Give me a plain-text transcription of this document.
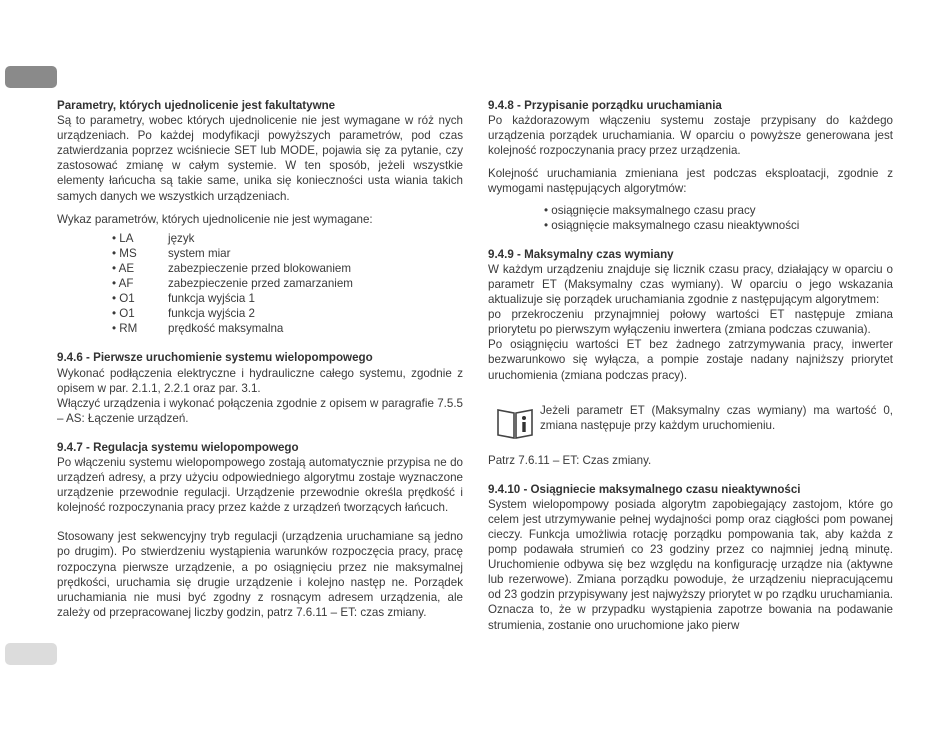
Parametry, których ujednolicenie jest fakultatywne

Są to parametry, wobec których ujednolicenie nie jest wymagane w róż nych urządzeniach. Po każdej modyfikacji powyższych parametrów, pod czas zatwierdzania poprzez wciśniecie SET lub MODE, pojawia się za pytanie, czy zastosować zmianę w całym systemie. W ten sposób, jeżeli wszystkie elementy łańcucha są takie same, unika się konieczności usta wiania takich samych danych we wszystkich urządzeniach.

Wykaz parametrów, których ujednolicenie nie jest wymagane:

• LA	język
• MS	system miar
• AE	zabezpieczenie przed blokowaniem
• AF	zabezpieczenie przed zamarzaniem
• O1	funkcja wyjścia 1
• O1	funkcja wyjścia 2
• RM	prędkość maksymalna
9.4.6 - Pierwsze uruchomienie systemu wielopompowego

Wykonać podłączenia elektryczne i hydrauliczne całego systemu, zgodnie z opisem w par. 2.1.1, 2.2.1 oraz par. 3.1.

Włączyć urządzenia i wykonać połączenia zgodnie z opisem w paragrafie 7.5.5 – AS: Łączenie urządzeń.

9.4.7 - Regulacja systemu wielopompowego

Po włączeniu systemu wielopompowego zostają automatycznie przypisa ne do urządzeń adresy, a przy użyciu odpowiedniego algorytmu zostaje wyznaczone urządzenie przewodnie regulacji. Urządzenie przewodnie określa prędkość i kolejność rozpoczynania pracy przez każde z urządzeń tworzących łańcuch.

Stosowany jest sekwencyjny tryb regulacji (urządzenia uruchamiane są jedno po drugim). Po stwierdzeniu wystąpienia warunków rozpoczęcia pracy, pracę rozpoczyna pierwsze urządzenie, a po osiągnięciu przez nie maksymalnej prędkości, uruchamia się drugie urządzenie i kolejno następ ne. Porządek uruchamiania nie musi być zgodny z rosnącym adresem urządzenia, ale zależy od przepracowanej liczby godzin, patrz 7.6.11 – ET: czas zmiany.

9.4.8 - Przypisanie porządku uruchamiania

Po każdorazowym włączeniu systemu zostaje przypisany do każdego urządzenia porządek uruchamiania. W oparciu o powyższe generowana jest kolejność rozpoczynania pracy przez urządzenia.

Kolejność uruchamiania zmieniana jest podczas eksploatacji, zgodnie z wymogami następujących algorytmów:

• osiągnięcie maksymalnego czasu pracy
• osiągnięcie maksymalnego czasu nieaktywności
9.4.9 - Maksymalny czas wymiany

W każdym urządzeniu znajduje się licznik czasu pracy, działający w oparciu o parametr ET (Maksymalny czas wymiany). W oparciu o jego wskazania aktualizuje się porządek uruchamiania zgodnie z następującym algorytmem:

po przekroczeniu przynajmniej połowy wartości ET następuje zmiana priorytetu po pierwszym wyłączeniu inwertera (zmiana podczas czuwania).

Po osiągnięciu wartości ET bez żadnego zatrzymywania pracy, inwerter bezwarunkowo się wyłącza, a pompie zostaje nadany najniższy priorytet uruchomienia (zmiana podczas pracy).

Jeżeli parametr ET (Maksymalny czas wymiany) ma wartość 0, zmiana następuje przy każdym uruchomieniu.

Patrz 7.6.11 – ET: Czas zmiany.

9.4.10 - Osiągniecie maksymalnego czasu nieaktywności

System wielopompowy posiada algorytm zapobiegający zastojom, które go celem jest utrzymywanie pełnej wydajności pomp oraz ciągłości pom powanej cieczy. Funkcja umożliwia rotację porządku pompowania tak, aby każda z pomp podawała strumień co 23 godziny przez co najmniej jedną minutę. Uruchomienie odbywa się bez względu na konfigurację urządze nia (aktywne lub rezerwowe). Zmiana porządku powoduje, że urządzeniu niepracującemu od 23 godzin przypisywany jest najwyższy priorytet w po rządku uruchamiania. Oznacza to, że w przypadku wystąpienia zapotrze bowania na podawanie strumienia, zostanie ono uruchomione jako pierw
